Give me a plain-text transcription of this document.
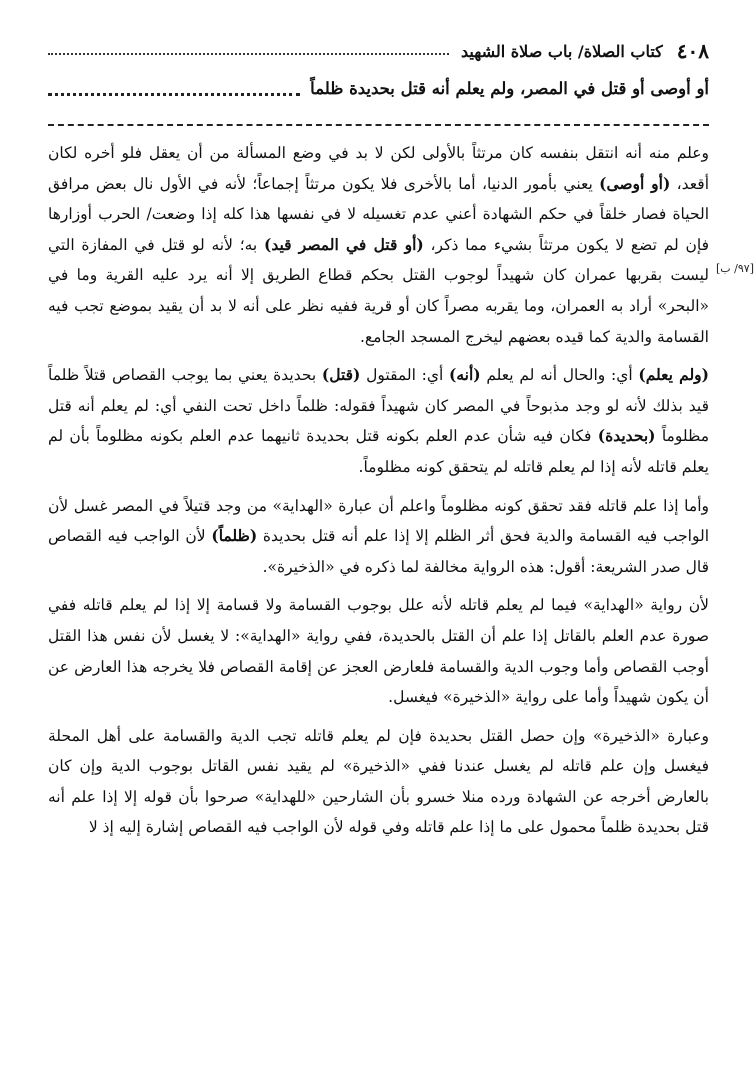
٤٠٨
كتاب الصلاة/ باب صلاة الشهيد
أو أوصى أو قتل في المصر، ولم يعلم أنه قتل بحديدة ظلماً
[٩٧/ ب]

وعلم منه أنه انتقل بنفسه كان مرتثاً بالأولى لكن لا بد في وضع المسألة من أن يعقل فلو أخره لكان أقعد، (أو أوصى) يعني بأمور الدنيا، أما بالأخرى فلا يكون مرتثاً إجماعاً؛ لأنه في الأول نال بعض مرافق الحياة فصار خلقاً في حكم الشهادة أعني عدم تغسيله لا في نفسها هذا كله إذا وضعت/ الحرب أوزارها فإن لم تضع لا يكون مرتثاً بشيء مما ذكر، (أو قتل في المصر قيد) به؛ لأنه لو قتل في المفازة التي ليست بقربها عمران كان شهيداً لوجوب القتل بحكم قطاع الطريق إلا أنه يرد عليه القرية وما في «البحر» أراد به العمران، وما يقربه مصراً كان أو قرية ففيه نظر على أنه لا بد أن يقيد بموضع تجب فيه القسامة والدية كما قيده بعضهم ليخرج المسجد الجامع.

(ولم يعلم) أي: والحال أنه لم يعلم (أنه) أي: المقتول (قتل) بحديدة يعني بما يوجب القصاص قتلاً ظلماً قيد بذلك لأنه لو وجد مذبوحاً في المصر كان شهيداً فقوله: ظلماً داخل تحت النفي أي: لم يعلم أنه قتل مظلوماً (بحديدة) فكان فيه شأن عدم العلم بكونه قتل بحديدة ثانيهما عدم العلم بكونه مظلوماً بأن لم يعلم قاتله لأنه إذا لم يعلم قاتله لم يتحقق كونه مظلوماً.

وأما إذا علم قاتله فقد تحقق كونه مظلوماً واعلم أن عبارة «الهداية» من وجد قتيلاً في المصر غسل لأن الواجب فيه القسامة والدية فحق أثر الظلم إلا إذا علم أنه قتل بحديدة (ظلماً) لأن الواجب فيه القصاص قال صدر الشريعة: أقول: هذه الرواية مخالفة لما ذكره في «الذخيرة».

لأن رواية «الهداية» فيما لم يعلم قاتله لأنه علل بوجوب القسامة ولا قسامة إلا إذا لم يعلم قاتله ففي صورة عدم العلم بالقاتل إذا علم أن القتل بالحديدة، ففي رواية «الهداية»: لا يغسل لأن نفس هذا القتل أوجب القصاص وأما وجوب الدية والقسامة فلعارض العجز عن إقامة القصاص فلا يخرجه هذا العارض عن أن يكون شهيداً وأما على رواية «الذخيرة» فيغسل.

وعبارة «الذخيرة» وإن حصل القتل بحديدة فإن لم يعلم قاتله تجب الدية والقسامة على أهل المحلة فيغسل وإن علم قاتله لم يغسل عندنا ففي «الذخيرة» لم يقيد نفس القاتل بوجوب الدية وإن كان بالعارض أخرجه عن الشهادة ورده منلا خسرو بأن الشارحين «للهداية» صرحوا بأن قوله إلا إذا علم أنه قتل بحديدة ظلماً محمول على ما إذا علم قاتله وفي قوله لأن الواجب فيه القصاص إشارة إليه إذ لا
